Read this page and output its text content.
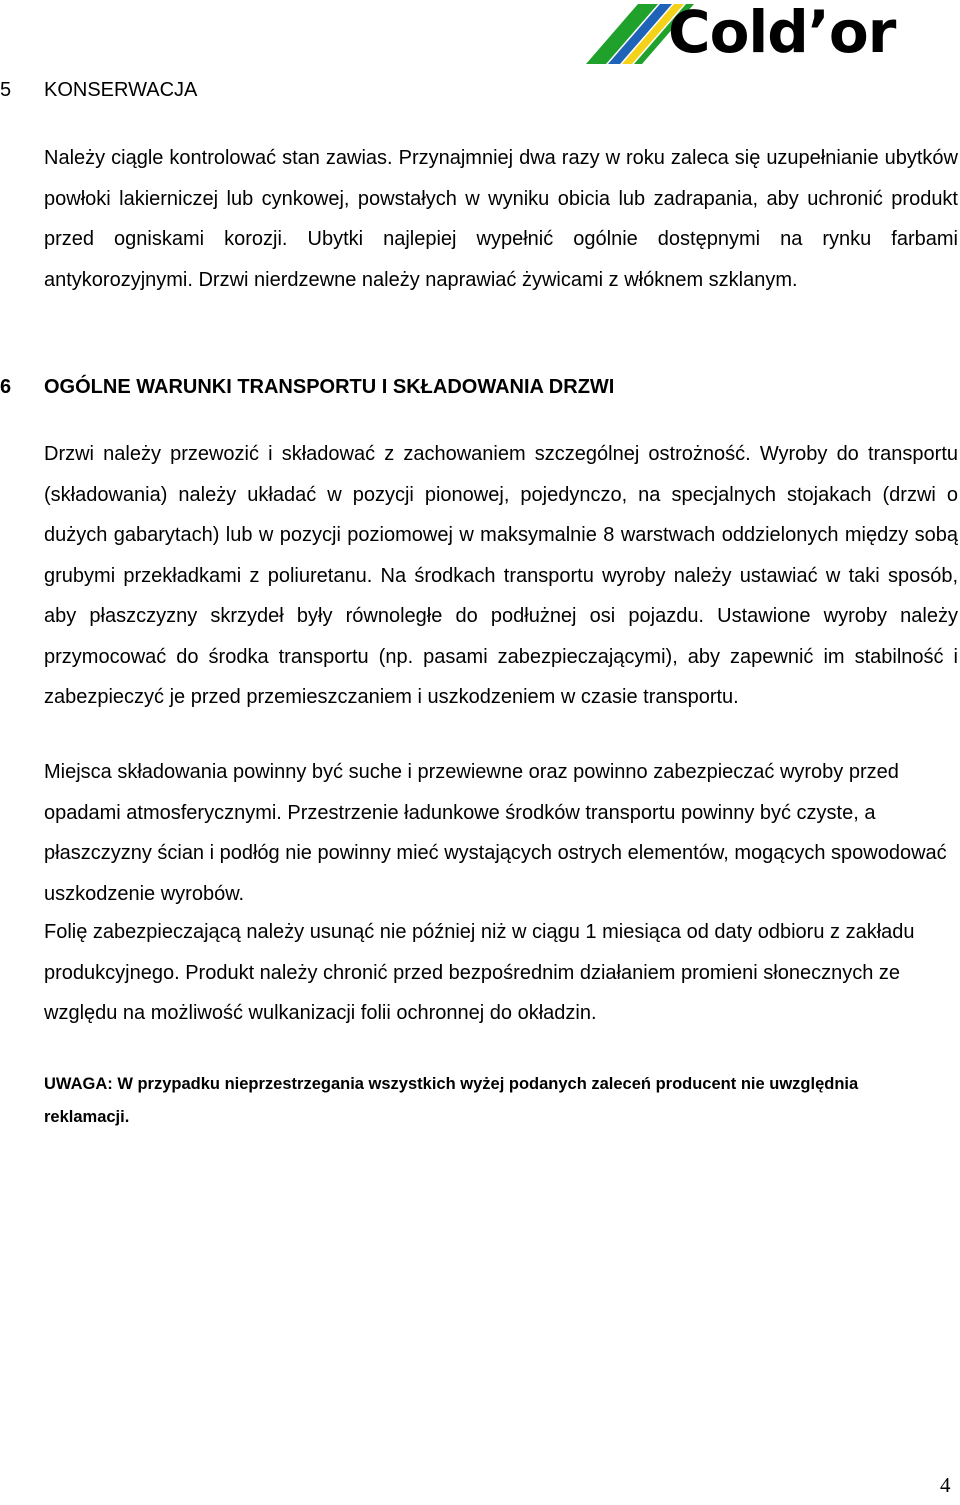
Cold’or
5 KONSERWACJA
Należy ciągle kontrolować stan zawias. Przynajmniej dwa razy w roku zaleca się uzupełnianie ubytków powłoki lakierniczej lub cynkowej, powstałych w wyniku obicia lub zadrapania, aby uchronić produkt przed ogniskami korozji. Ubytki najlepiej wypełnić ogólnie dostępnymi na rynku farbami antykorozyjnymi. Drzwi nierdzewne należy naprawiać żywicami z włóknem szklanym.
6 OGÓLNE WARUNKI TRANSPORTU I SKŁADOWANIA DRZWI
Drzwi należy przewozić i składować z zachowaniem szczególnej ostrożność. Wyroby do transportu (składowania) należy układać w pozycji pionowej, pojedynczo, na specjalnych stojakach (drzwi o dużych gabarytach) lub w pozycji poziomowej w maksymalnie 8 warstwach oddzielonych między sobą grubymi przekładkami z poliuretanu. Na środkach transportu wyroby należy ustawiać w taki sposób, aby płaszczyzny skrzydeł były równoległe do podłużnej osi pojazdu. Ustawione wyroby należy przymocować do środka transportu (np. pasami zabezpieczającymi), aby zapewnić im stabilność i zabezpieczyć je przed przemieszczaniem i uszkodzeniem w czasie transportu.
Miejsca składowania powinny być suche i przewiewne oraz powinno zabezpieczać wyroby przed opadami atmosferycznymi. Przestrzenie ładunkowe środków transportu powinny być czyste, a płaszczyzny ścian i podłóg nie powinny mieć wystających ostrych elementów, mogących spowodować uszkodzenie wyrobów.
Folię zabezpieczającą należy usunąć nie później niż w ciągu 1 miesiąca od daty odbioru z zakładu produkcyjnego. Produkt należy chronić przed bezpośrednim działaniem promieni słonecznych ze względu na możliwość wulkanizacji folii ochronnej do okładzin.
UWAGA: W przypadku nieprzestrzegania wszystkich wyżej podanych zaleceń producent nie uwzględnia reklamacji.
4
